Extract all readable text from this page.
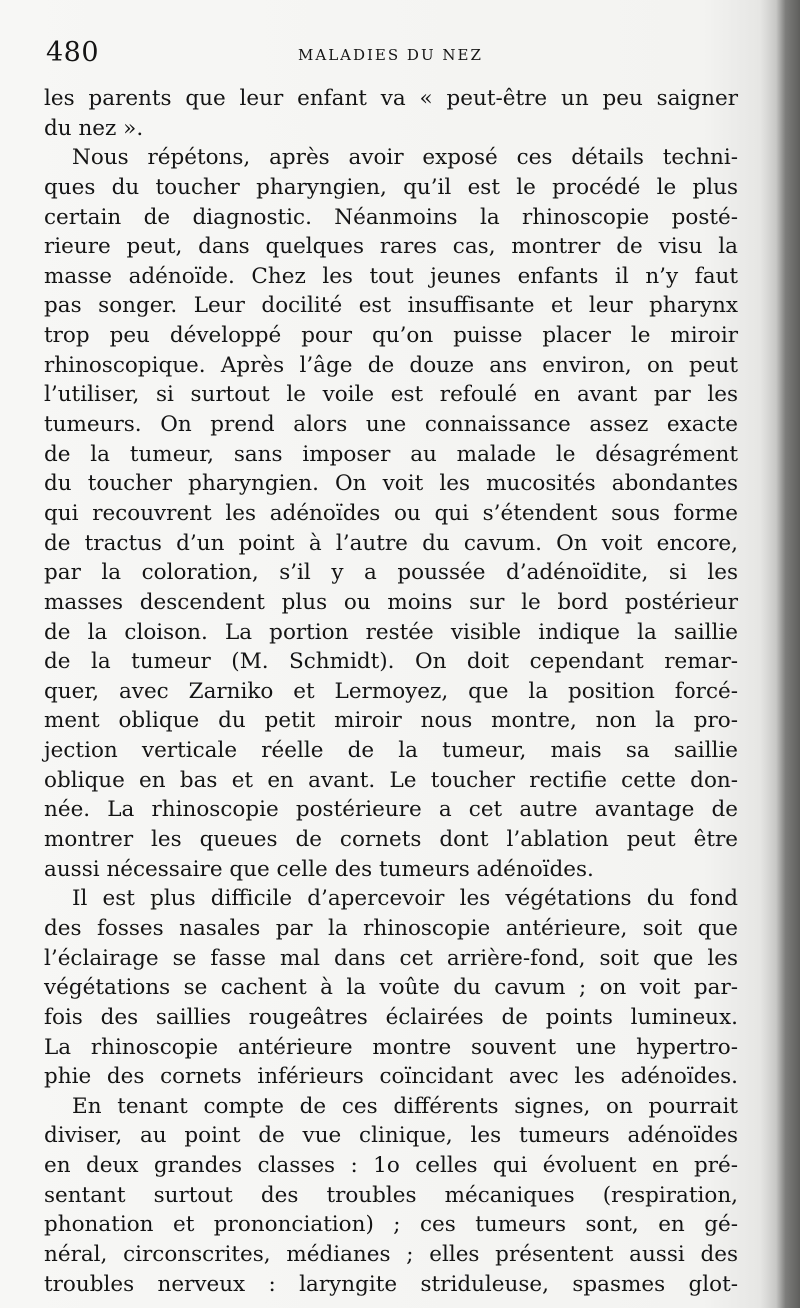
480	MALADIES DU NEZ
les parents que leur enfant va « peut-être un peu saigner
du nez ».
Nous répétons, après avoir exposé ces détails techni-
ques du toucher pharyngien, qu’il est le procédé le plus
certain de diagnostic. Néanmoins la rhinoscopie posté-
rieure peut, dans quelques rares cas, montrer de visu la
masse adénoïde. Chez les tout jeunes enfants il n’y faut
pas songer. Leur docilité est insuffisante et leur pharynx
trop peu développé pour qu’on puisse placer le miroir
rhinoscopique. Après l’âge de douze ans environ, on peut
l’utiliser, si surtout le voile est refoulé en avant par les
tumeurs. On prend alors une connaissance assez exacte
de la tumeur, sans imposer au malade le désagrément
du toucher pharyngien. On voit les mucosités abondantes
qui recouvrent les adénoïdes ou qui s’étendent sous forme
de tractus d’un point à l’autre du cavum. On voit encore,
par la coloration, s’il y a poussée d’adénoïdite, si les
masses descendent plus ou moins sur le bord postérieur
de la cloison. La portion restée visible indique la saillie
de la tumeur (M. Schmidt). On doit cependant remar-
quer, avec Zarniko et Lermoyez, que la position forcé-
ment oblique du petit miroir nous montre, non la pro-
jection verticale réelle de la tumeur, mais sa saillie
oblique en bas et en avant. Le toucher rectifie cette don-
née. La rhinoscopie postérieure a cet autre avantage de
montrer les queues de cornets dont l’ablation peut être
aussi nécessaire que celle des tumeurs adénoïdes.
Il est plus difficile d’apercevoir les végétations du fond
des fosses nasales par la rhinoscopie antérieure, soit que
l’éclairage se fasse mal dans cet arrière-fond, soit que les
végétations se cachent à la voûte du cavum ; on voit par-
fois des saillies rougeâtres éclairées de points lumineux.
La rhinoscopie antérieure montre souvent une hypertro-
phie des cornets inférieurs coïncidant avec les adénoïdes.
En tenant compte de ces différents signes, on pourrait
diviser, au point de vue clinique, les tumeurs adénoïdes
en deux grandes classes : 1o celles qui évoluent en pré-
sentant surtout des troubles mécaniques (respiration,
phonation et prononciation) ; ces tumeurs sont, en gé-
néral, circonscrites, médianes ; elles présentent aussi des
troubles nerveux : laryngite striduleuse, spasmes glot-
